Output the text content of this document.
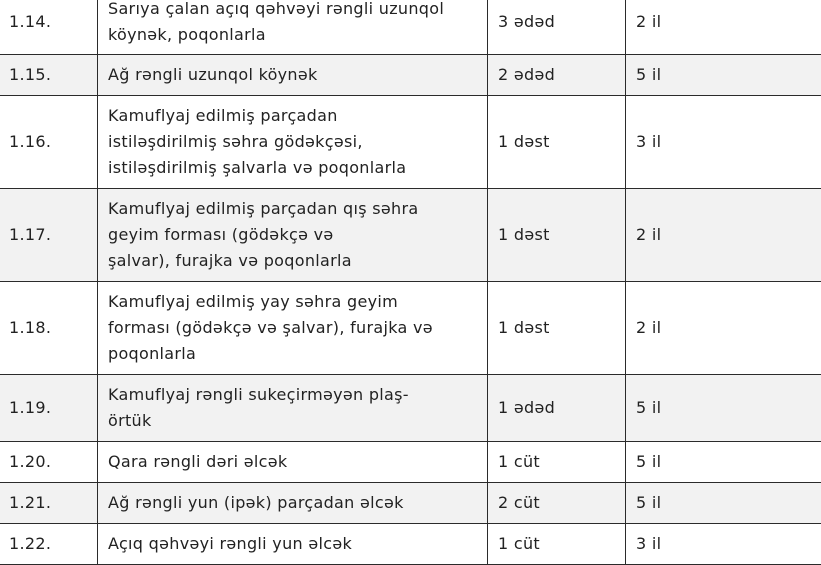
1.14.	Sarıya çalan açıq qəhvəyi rəngli uzunqol
köynək, poqonlarla	3 ədəd	2 il
1.15.	Ağ rəngli uzunqol köynək	2 ədəd	5 il
1.16.	Kamuflyaj edilmiş parçadan
istiləşdirilmiş səhra gödəkçəsi,
istiləşdirilmiş şalvarla və poqonlarla	1 dəst	3 il
1.17.	Kamuflyaj edilmiş parçadan qış səhra
geyim forması (gödəkçə və
şalvar), furajka və poqonlarla	1 dəst	2 il
1.18.	Kamuflyaj edilmiş yay səhra geyim
forması (gödəkçə və şalvar), furajka və
poqonlarla	1 dəst	2 il
1.19.	Kamuflyaj rəngli sukeçirməyən plaş-
örtük	1 ədəd	5 il
1.20.	Qara rəngli dəri əlcək	1 cüt	5 il
1.21.	Ağ rəngli yun (ipək) parçadan əlcək	2 cüt	5 il
1.22.	Açıq qəhvəyi rəngli yun əlcək	1 cüt	3 il
